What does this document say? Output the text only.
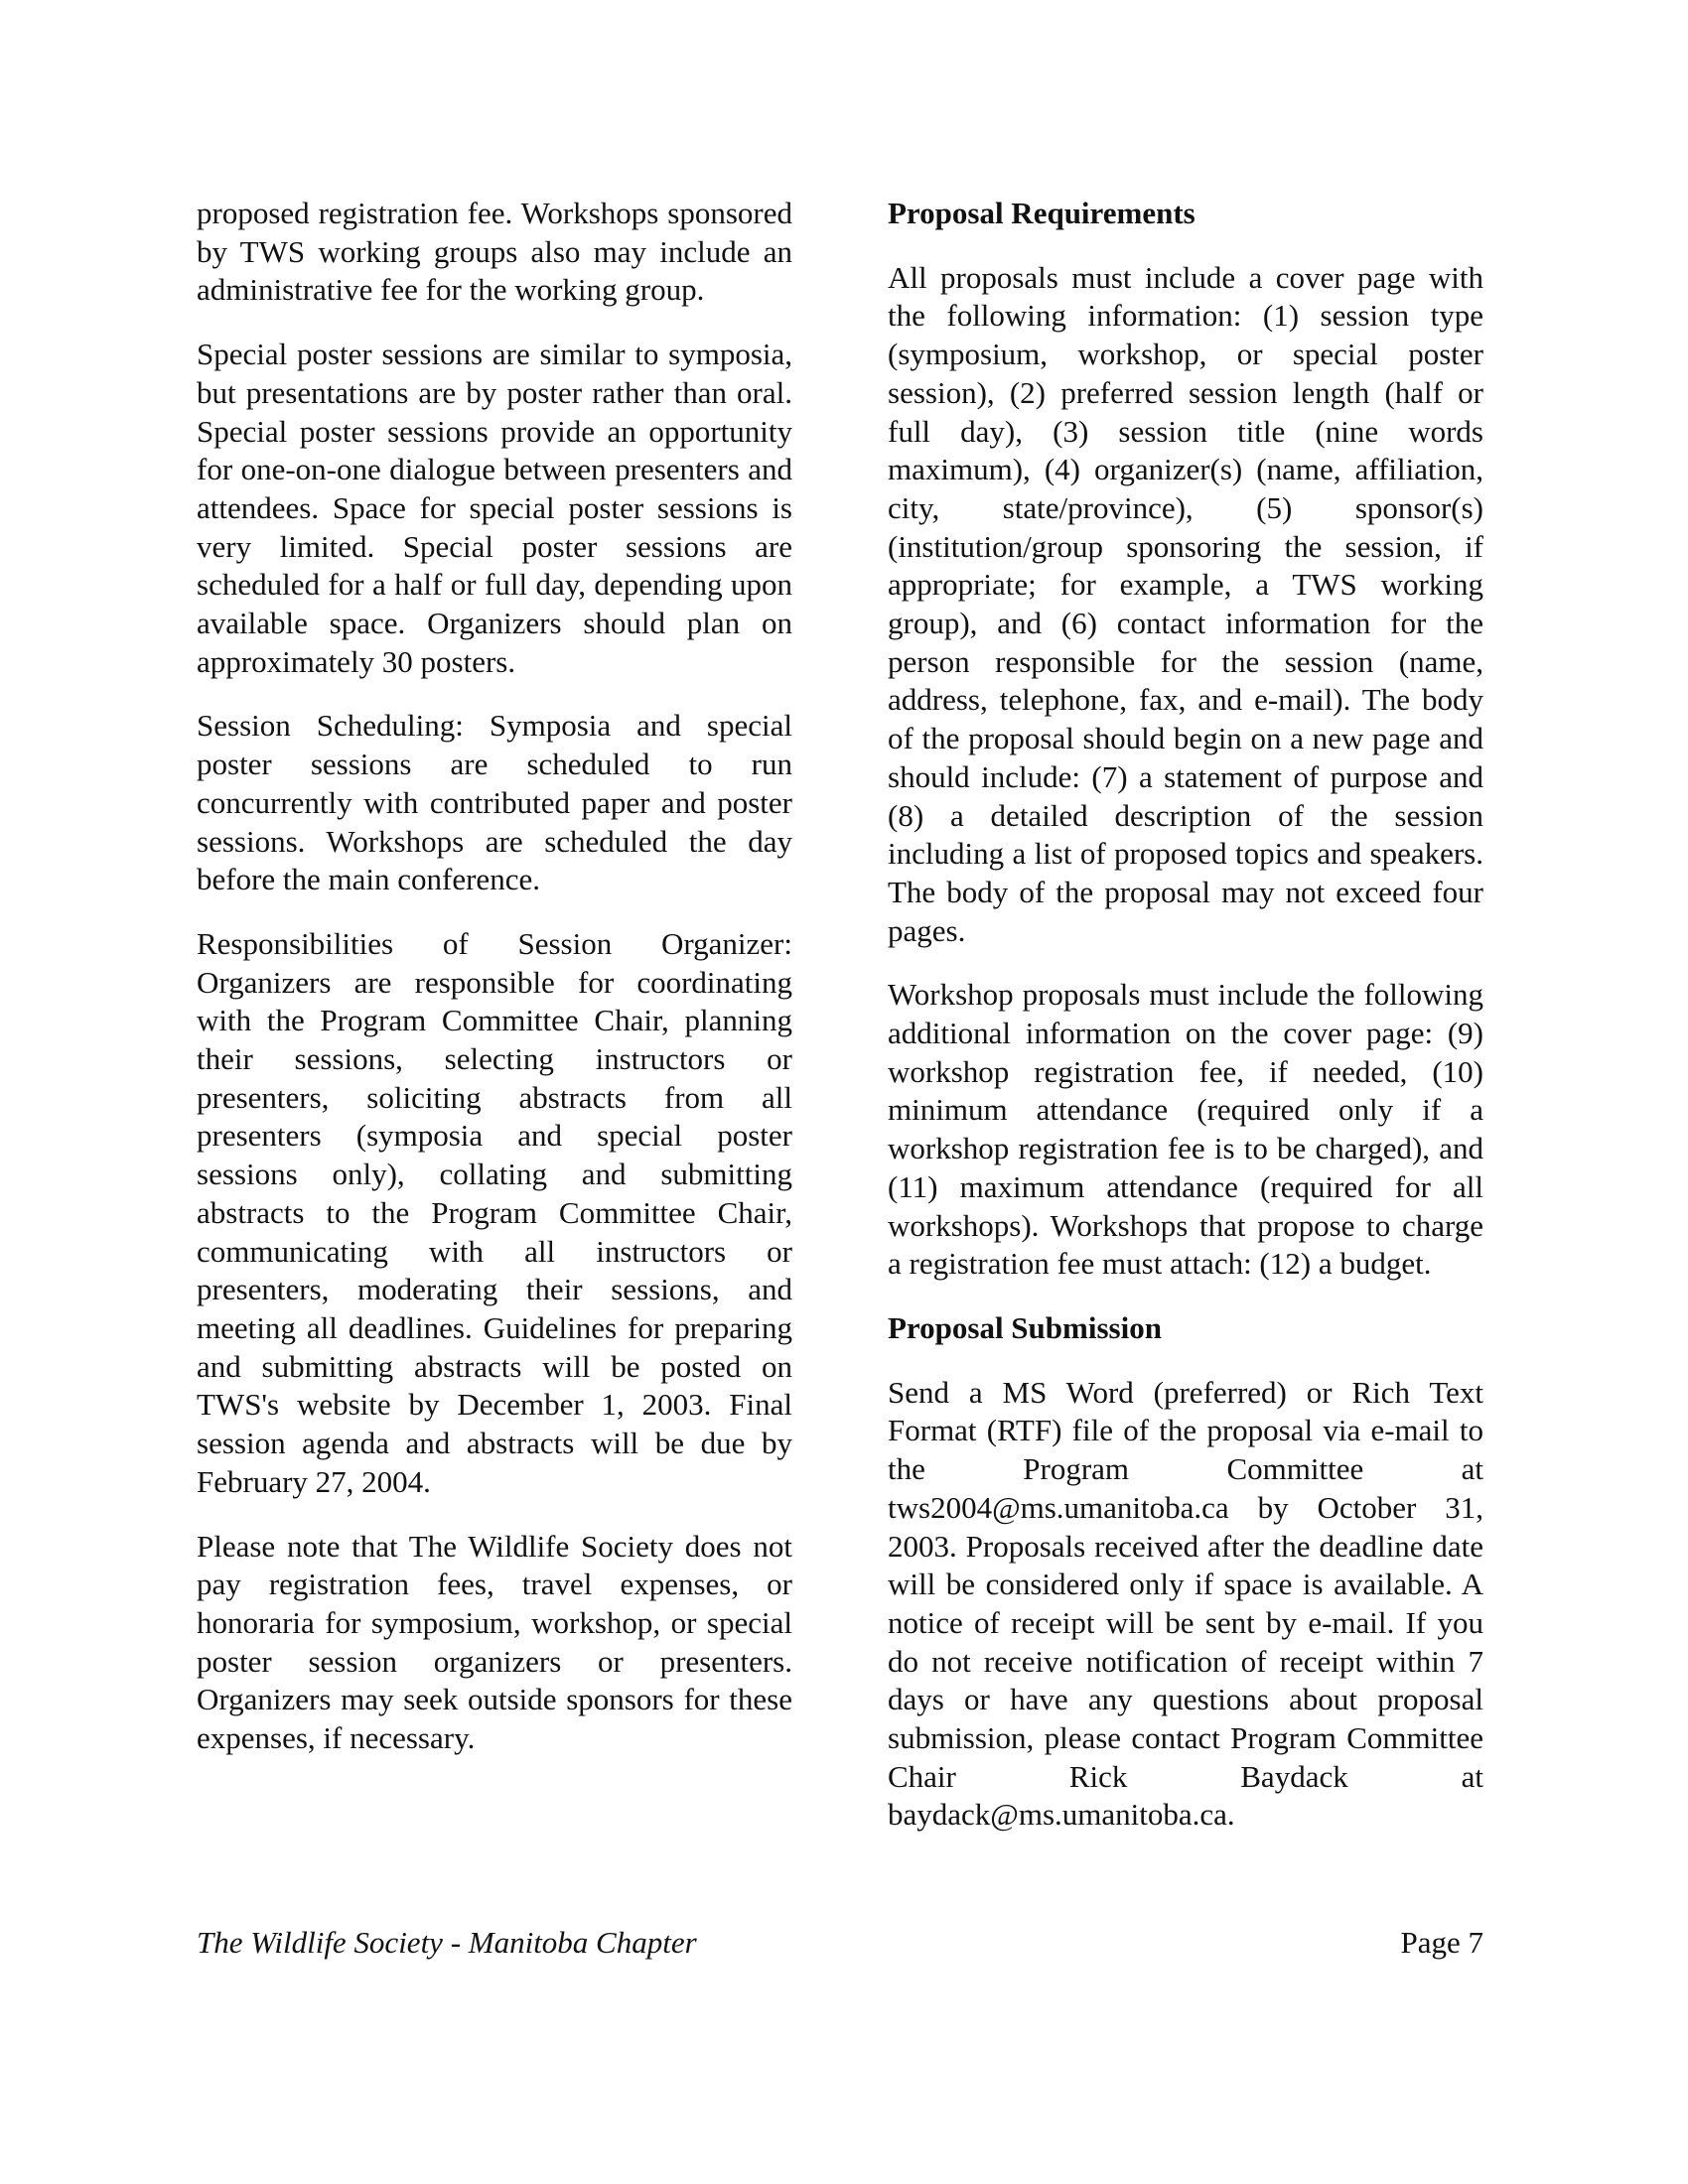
proposed registration fee. Workshops sponsored by TWS working groups also may include an administrative fee for the working group.

Special poster sessions are similar to symposia, but presentations are by poster rather than oral. Special poster sessions provide an opportunity for one-on-one dialogue between presenters and attendees. Space for special poster sessions is very limited. Special poster sessions are scheduled for a half or full day, depending upon available space. Organizers should plan on approximately 30 posters.

Session Scheduling: Symposia and special poster sessions are scheduled to run concurrently with contributed paper and poster sessions. Workshops are scheduled the day before the main conference.

Responsibilities of Session Organizer: Organizers are responsible for coordinating with the Program Committee Chair, planning their sessions, selecting instructors or presenters, soliciting abstracts from all presenters (symposia and special poster sessions only), collating and submitting abstracts to the Program Committee Chair, communicating with all instructors or presenters, moderating their sessions, and meeting all deadlines. Guidelines for preparing and submitting abstracts will be posted on TWS's website by December 1, 2003. Final session agenda and abstracts will be due by February 27, 2004.

Please note that The Wildlife Society does not pay registration fees, travel expenses, or honoraria for symposium, workshop, or special poster session organizers or presenters. Organizers may seek outside sponsors for these expenses, if necessary.

Proposal Requirements

All proposals must include a cover page with the following information: (1) session type (symposium, workshop, or special poster session), (2) preferred session length (half or full day), (3) session title (nine words maximum), (4) organizer(s) (name, affiliation, city, state/province), (5) sponsor(s) (institution/group sponsoring the session, if appropriate; for example, a TWS working group), and (6) contact information for the person responsible for the session (name, address, telephone, fax, and e-mail). The body of the proposal should begin on a new page and should include: (7) a statement of purpose and (8) a detailed description of the session including a list of proposed topics and speakers. The body of the proposal may not exceed four pages.

Workshop proposals must include the following additional information on the cover page: (9) workshop registration fee, if needed, (10) minimum attendance (required only if a workshop registration fee is to be charged), and (11) maximum attendance (required for all workshops). Workshops that propose to charge a registration fee must attach: (12) a budget.

Proposal Submission

Send a MS Word (preferred) or Rich Text Format (RTF) file of the proposal via e-mail to the Program Committee at tws2004@ms.umanitoba.ca by October 31, 2003. Proposals received after the deadline date will be considered only if space is available. A notice of receipt will be sent by e-mail. If you do not receive notification of receipt within 7 days or have any questions about proposal submission, please contact Program Committee Chair Rick Baydack at baydack@ms.umanitoba.ca.

The Wildlife Society - Manitoba Chapter	Page 7
